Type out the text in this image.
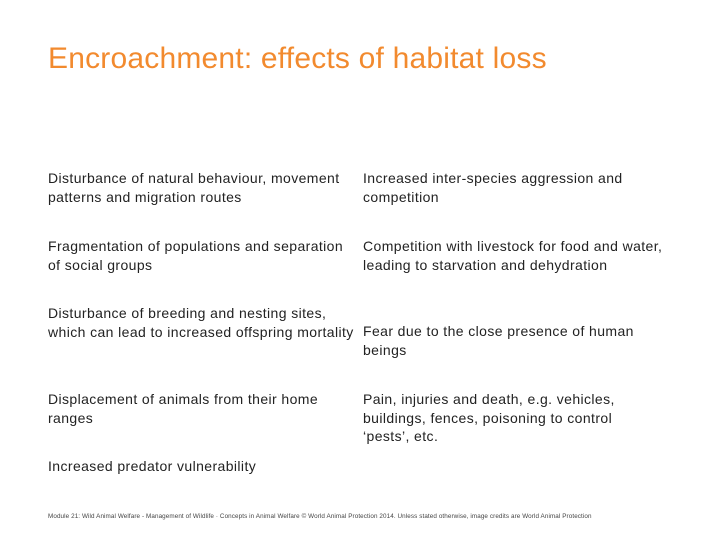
Encroachment: effects of habitat loss
Disturbance of natural behaviour, movement patterns and migration routes
Fragmentation of populations and separation of social groups
Disturbance of breeding and nesting sites, which can lead to increased offspring mortality
Displacement of animals from their home ranges
Increased predator vulnerability
Increased inter-species aggression and competition
Competition with livestock for food and water, leading to starvation and dehydration
Fear due to the close presence of human beings
Pain, injuries and death, e.g. vehicles, buildings, fences, poisoning to control ‘pests’, etc.
Module 21: Wild Animal Welfare - Management of Wildlife · Concepts in Animal Welfare © World Animal Protection 2014. Unless stated otherwise, image credits are World Animal Protection
